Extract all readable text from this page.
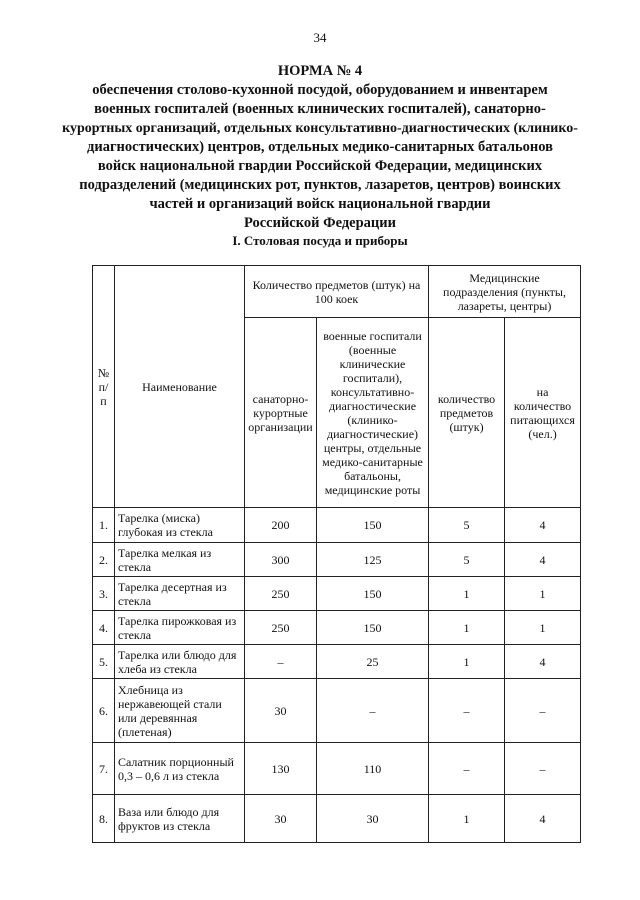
34
НОРМА № 4
обеспечения столово-кухонной посудой, оборудованием и инвентарем
военных госпиталей (военных клинических госпиталей), санаторно-
курортных организаций, отдельных консультативно-диагностических (клинико-
диагностических) центров, отдельных медико-санитарных батальонов
войск национальной гвардии Российской Федерации, медицинских
подразделений (медицинских рот, пунктов, лазаретов, центров) воинских
частей и организаций войск национальной гвардии
Российской Федерации
I. Столовая посуда и приборы
№ п/п	Наименование	Количество предметов (штук) на 100 коек		Медицинские подразделения (пункты, лазареты, центры)	
		санаторно-курортные организации	военные госпитали (военные клинические госпитали), консультативно-диагностические (клинико-диагностические) центры, отдельные медико-санитарные батальоны, медицинские роты	количество предметов (штук)	на количество питающихся (чел.)
1.	Тарелка (миска) глубокая из стекла	200	150	5	4
2.	Тарелка мелкая из стекла	300	125	5	4
3.	Тарелка десертная из стекла	250	150	1	1
4.	Тарелка пирожковая из стекла	250	150	1	1
5.	Тарелка или блюдо для хлеба из стекла	–	25	1	4
6.	Хлебница из нержавеющей стали или деревянная (плетеная)	30	–	–	–
7.	Салатник порционный 0,3 – 0,6 л из стекла	130	110	–	–
8.	Ваза или блюдо для фруктов из стекла	30	30	1	4
